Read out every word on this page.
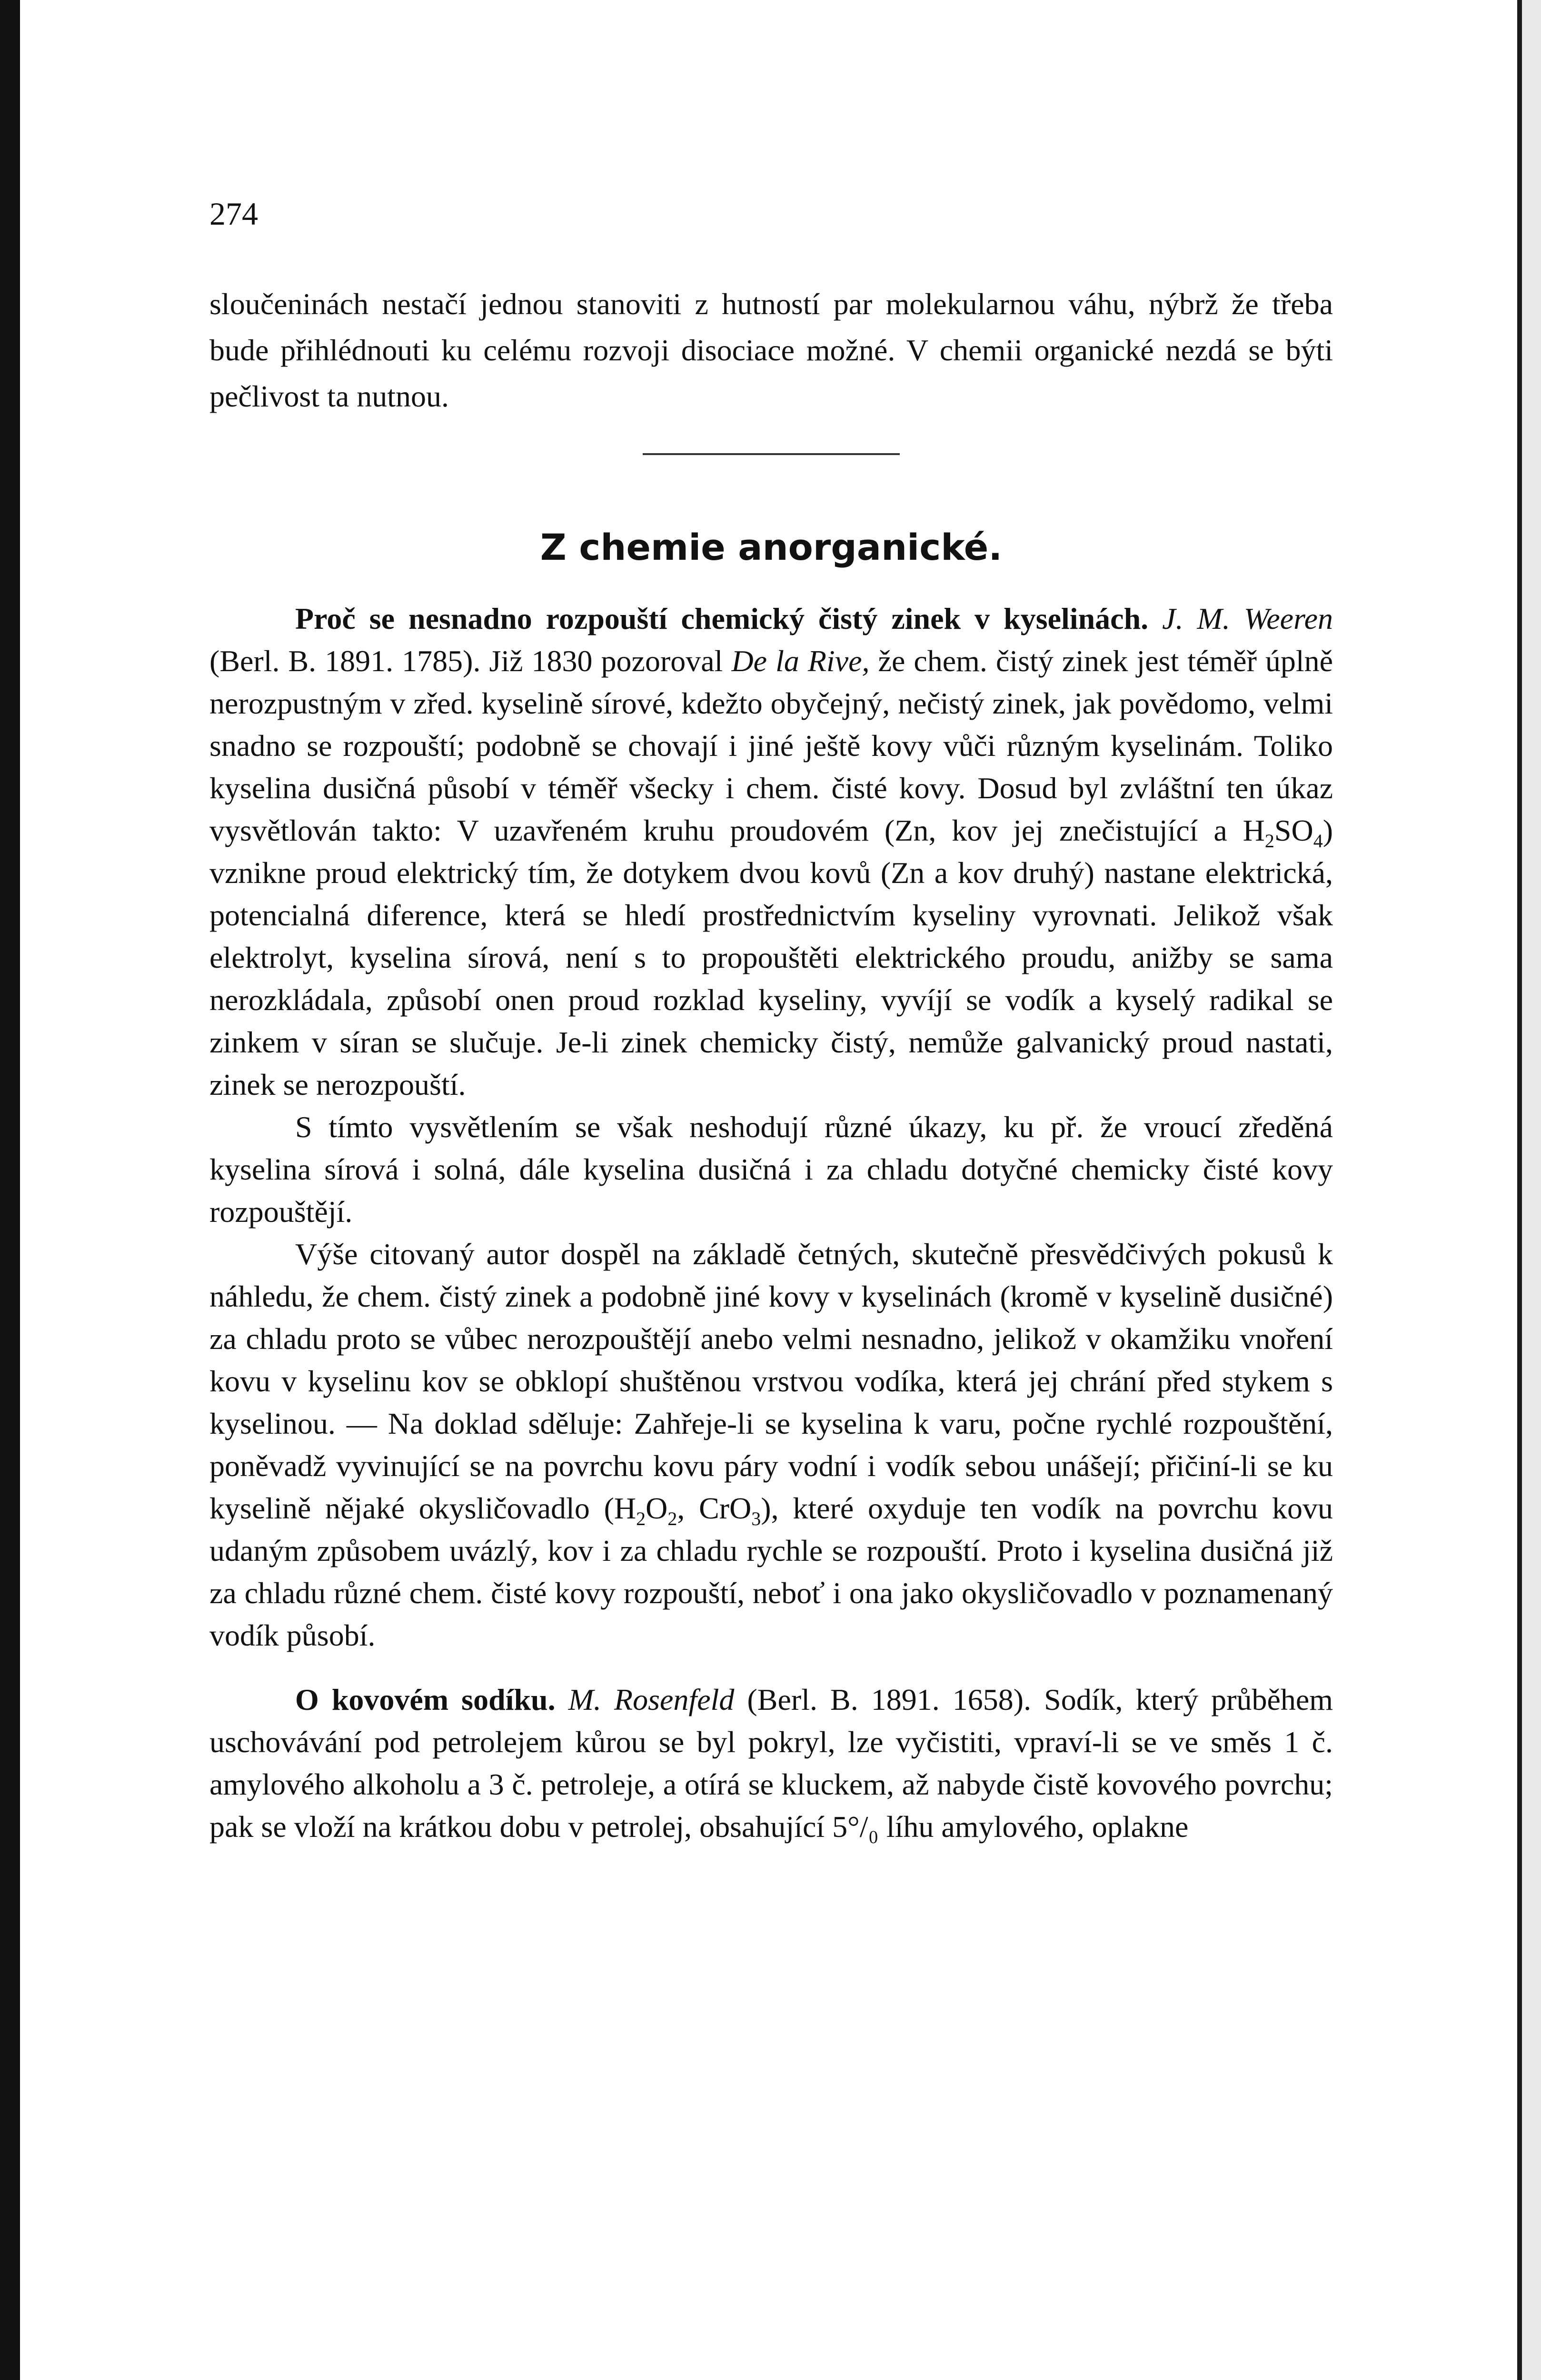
274
sloučeninách nestačí jednou stanoviti z hutností par molekularnou váhu, nýbrž že třeba bude přihlédnouti ku celému rozvoji disociace možné. V chemii organické nezdá se býti pečlivost ta nutnou.
Z chemie anorganické.

Proč se nesnadno rozpouští chemický čistý zinek v kyselinách. J. M. Weeren (Berl. B. 1891. 1785). Již 1830 pozoroval De la Rive, že chem. čistý zinek jest téměř úplně nerozpustným v zřed. kyselině sírové, kdežto obyčejný, nečistý zinek, jak povědomo, velmi snadno se rozpouští; podobně se chovají i jiné ještě kovy vůči různým kyselinám. Toliko kyselina dusičná působí v téměř všecky i chem. čisté kovy. Dosud byl zvláštní ten úkaz vysvětlován takto: V uzavřeném kruhu proudovém (Zn, kov jej znečistující a $H_2SO_4$) vznikne proud elektrický tím, že dotykem dvou kovů (Zn a kov druhý) nastane elektrická, potencialná diference, která se hledí prostřednictvím kyseliny vyrovnati. Jelikož však elektrolyt, kyselina sírová, není s to propouštěti elektrického proudu, anižby se sama nerozkládala, způsobí onen proud rozklad kyseliny, vyvíjí se vodík a kyselý radikal se zinkem v síran se slučuje. Je-li zinek chemicky čistý, nemůže galvanický proud nastati, zinek se nerozpouští.

S tímto vysvětlením se však neshodují různé úkazy, ku př. že vroucí zředěná kyselina sírová i solná, dále kyselina dusičná i za chladu dotyčné chemicky čisté kovy rozpouštějí.

Výše citovaný autor dospěl na základě četných, skutečně přesvědčivých pokusů k náhledu, že chem. čistý zinek a podobně jiné kovy v kyselinách (kromě v kyselině dusičné) za chladu proto se vůbec nerozpouštějí anebo velmi nesnadno, jelikož v okamžiku vnoření kovu v kyselinu kov se obklopí shuštěnou vrstvou vodíka, která jej chrání před stykem s kyselinou. — Na doklad sděluje: Zahřeje-li se kyselina k varu, počne rychlé rozpouštění, poněvadž vyvinující se na povrchu kovu páry vodní i vodík sebou unášejí; přičiní-li se ku kyselině nějaké okysličovadlo ($H_2O_2$, CrO$_3$), které oxyduje ten vodík na povrchu kovu udaným způsobem uvázlý, kov i za chladu rychle se rozpouští. Proto i kyselina dusičná již za chladu různé chem. čisté kovy rozpouští, neboť i ona jako okysličovadlo v poznamenaný vodík působí.

O kovovém sodíku. M. Rosenfeld (Berl. B. 1891. 1658). Sodík, který průběhem uschovávání pod petrolejem kůrou se byl pokryl, lze vyčistiti, vpraví-li se ve směs 1 č. amylového alkoholu a 3 č. petroleje, a otírá se kluckem, až nabyde čistě kovového povrchu; pak se vloží na krátkou dobu v petrolej, obsahující 5°/₀ líhu amylového, oplakne
